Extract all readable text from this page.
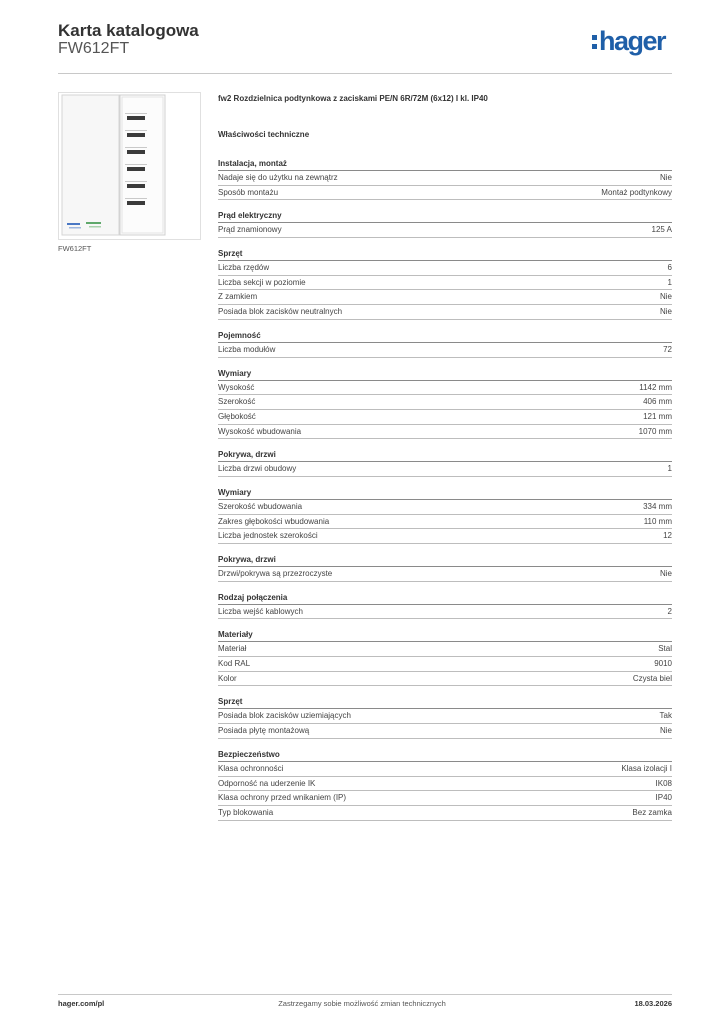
Karta katalogowa
FW612FT	hager
FW612FT
fw2 Rozdzielnica podtynkowa z zaciskami PE/N 6R/72M (6x12) I kl. IP40
Właściwości techniczne
Instalacja, montaż
Nadaje się do użytku na zewnątrz	Nie
Sposób montażu	Montaż podtynkowy
Prąd elektryczny
Prąd znamionowy	125 A
Sprzęt
Liczba rzędów	6
Liczba sekcji w poziomie	1
Z zamkiem	Nie
Posiada blok zacisków neutralnych	Nie
Pojemność
Liczba modułów	72
Wymiary
Wysokość	1142 mm
Szerokość	406 mm
Głębokość	121 mm
Wysokość wbudowania	1070 mm
Pokrywa, drzwi
Liczba drzwi obudowy	1
Wymiary
Szerokość wbudowania	334 mm
Zakres głębokości wbudowania	110 mm
Liczba jednostek szerokości	12
Pokrywa, drzwi
Drzwi/pokrywa są przezroczyste	Nie
Rodzaj połączenia
Liczba wejść kablowych	2
Materiały
Materiał	Stal
Kod RAL	9010
Kolor	Czysta biel
Sprzęt
Posiada blok zacisków uziemiających	Tak
Posiada płytę montażową	Nie
Bezpieczeństwo
Klasa ochronności	Klasa izolacji I
Odporność na uderzenie IK	IK08
Klasa ochrony przed wnikaniem (IP)	IP40
Typ blokowania	Bez zamka
hager.com/pl	Zastrzegamy sobie możliwość zmian technicznych	18.03.2026
